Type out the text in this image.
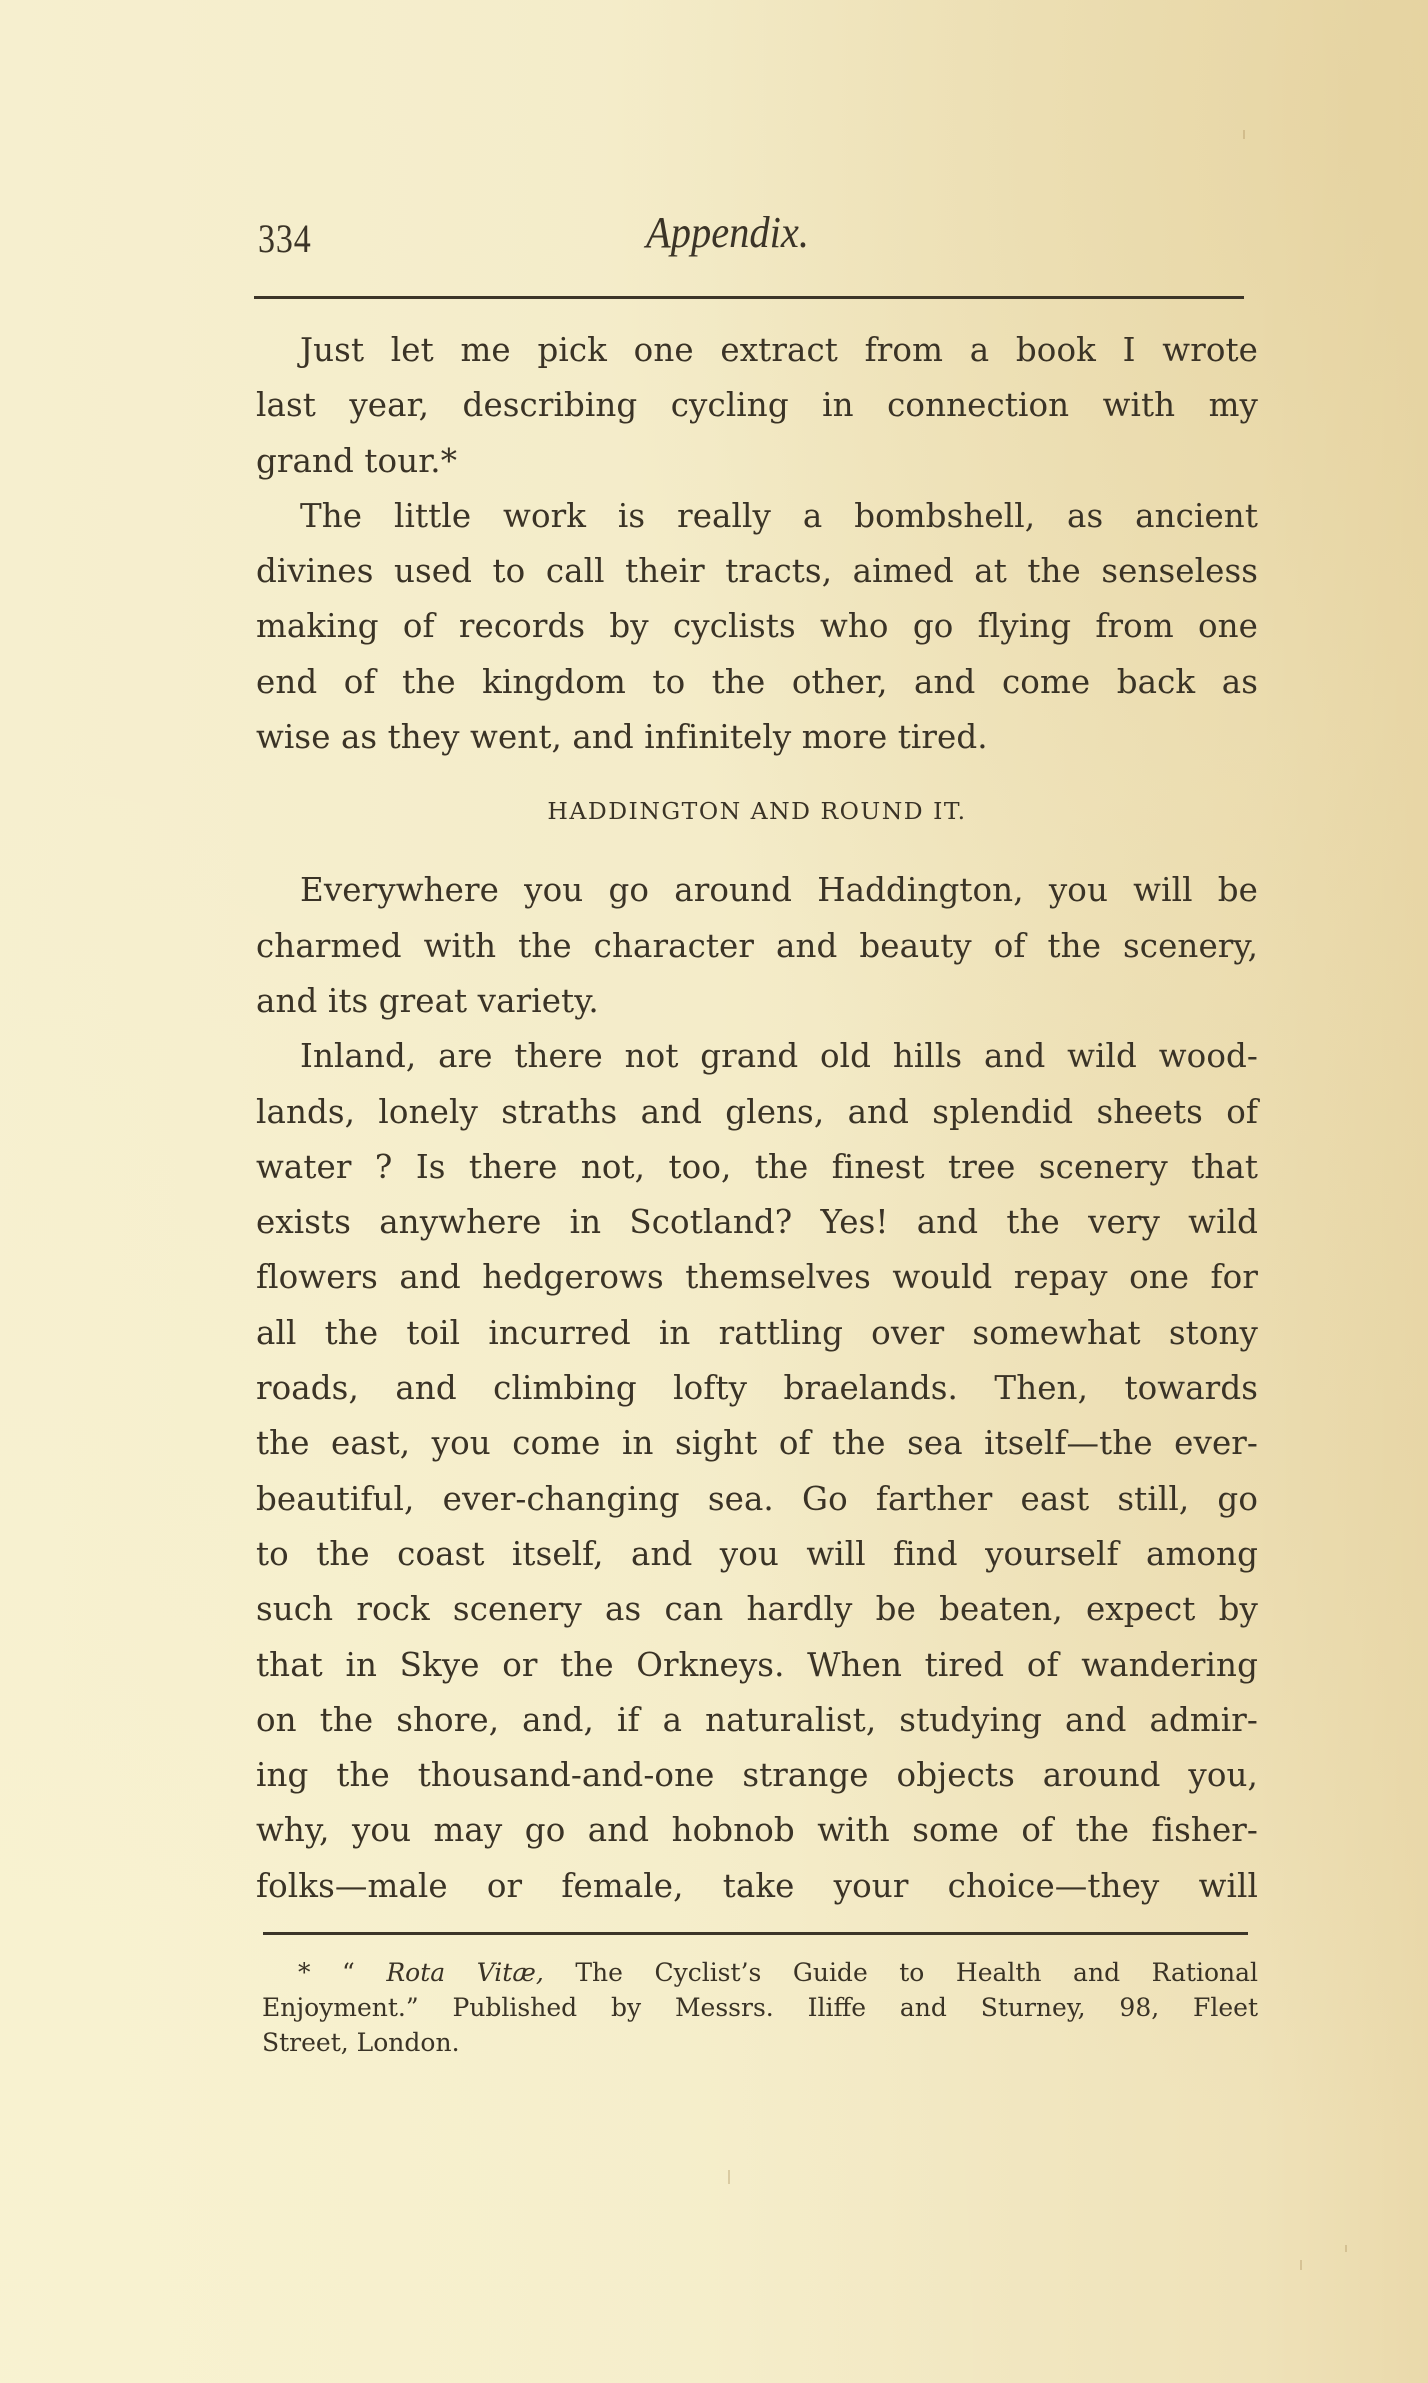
334	Appendix.
Just let me pick one extract from a book I wrote
last year, describing cycling in connection with my
grand tour.*
The little work is really a bombshell, as ancient
divines used to call their tracts, aimed at the senseless
making of records by cyclists who go flying from one
end of the kingdom to the other, and come back as
wise as they went, and infinitely more tired.
HADDINGTON AND ROUND IT.
Everywhere you go around Haddington, you will be
charmed with the character and beauty of the scenery,
and its great variety.
Inland, are there not grand old hills and wild wood-
lands, lonely straths and glens, and splendid sheets of
water ? Is there not, too, the finest tree scenery that
exists anywhere in Scotland? Yes! and the very wild
flowers and hedgerows themselves would repay one for
all the toil incurred in rattling over somewhat stony
roads, and climbing lofty braelands. Then, towards
the east, you come in sight of the sea itself—the ever-
beautiful, ever-changing sea. Go farther east still, go
to the coast itself, and you will find yourself among
such rock scenery as can hardly be beaten, expect by
that in Skye or the Orkneys. When tired of wandering
on the shore, and, if a naturalist, studying and admir-
ing the thousand-and-one strange objects around you,
why, you may go and hobnob with some of the fisher-
folks—male or female, take your choice—they will
* “ Rota Vitæ, The Cyclist’s Guide to Health and Rational
Enjoyment.” Published by Messrs. Iliffe and Sturney, 98, Fleet
Street, London.
